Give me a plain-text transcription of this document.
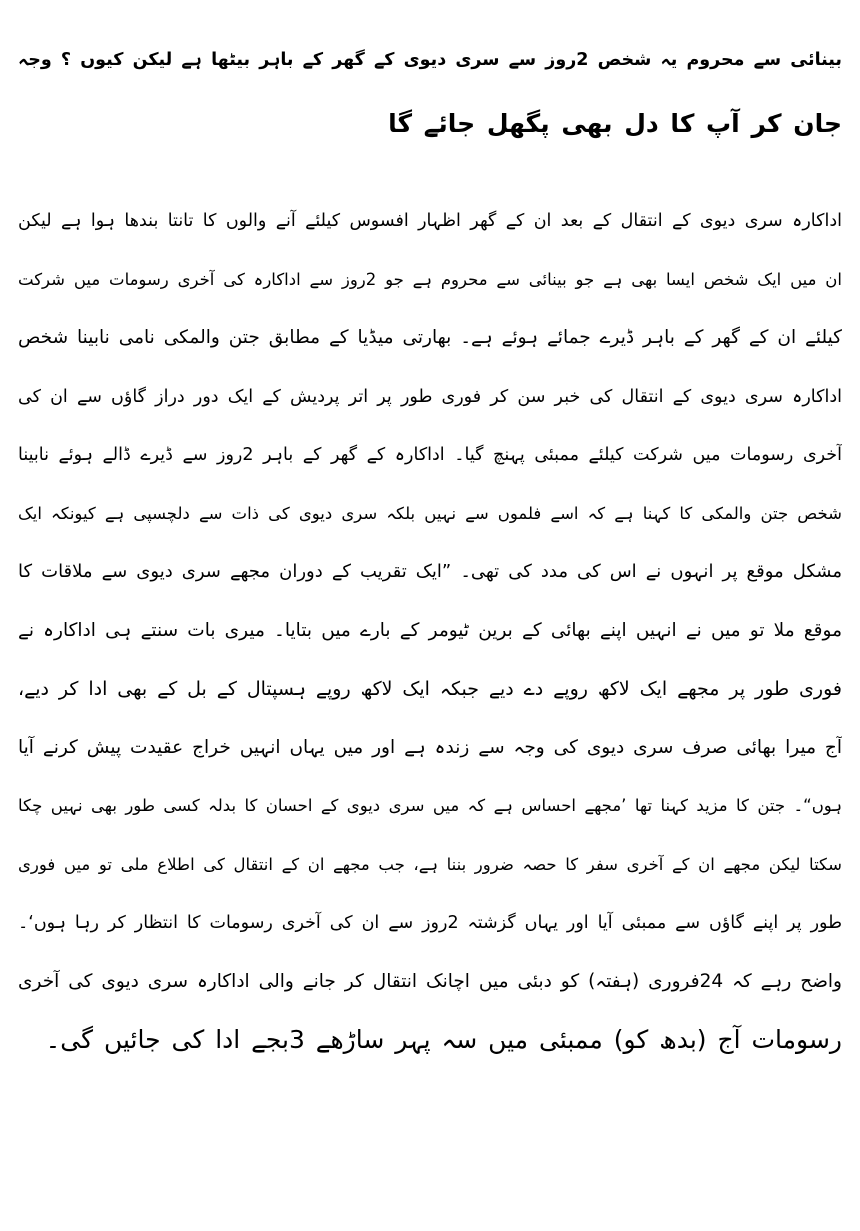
بینائی سے محروم یہ شخص 2روز سے سری دیوی کے گھر کے باہر بیٹھا ہے لیکن کیوں ؟ وجہ
جان کر آپ کا دل بھی پگھل جائے گا
اداکارہ سری دیوی کے انتقال کے بعد ان کے گھر اظہار افسوس کیلئے آنے والوں کا تانتا بندھا ہوا ہے لیکن
ان میں ایک شخص ایسا بھی ہے جو بینائی سے محروم ہے جو 2روز سے اداکارہ کی آخری رسومات میں شرکت
کیلئے ان کے گھر کے باہر ڈیرے جمائے ہوئے ہے۔ بھارتی میڈیا کے مطابق جتن والمکی نامی نابینا شخص
اداکارہ سری دیوی کے انتقال کی خبر سن کر فوری طور پر اتر پردیش کے ایک دور دراز گاؤں سے ان کی
آخری رسومات میں شرکت کیلئے ممبئی پہنچ گیا۔ اداکارہ کے گھر کے باہر 2روز سے ڈیرے ڈالے ہوئے نابینا
شخص جتن والمکی کا کہنا ہے کہ اسے فلموں سے نہیں بلکہ سری دیوی کی ذات سے دلچسپی ہے کیونکہ ایک
مشکل موقع پر انہوں نے اس کی مدد کی تھی۔ ”ایک تقریب کے دوران مجھے سری دیوی سے ملاقات کا
موقع ملا تو میں نے انہیں اپنے بھائی کے برین ٹیومر کے بارے میں بتایا۔ میری بات سنتے ہی اداکارہ نے
فوری طور پر مجھے ایک لاکھ روپے دے دیے جبکہ ایک لاکھ روپے ہسپتال کے بل کے بھی ادا کر دیے،
آج میرا بھائی صرف سری دیوی کی وجہ سے زندہ ہے اور میں یہاں انہیں خراج عقیدت پیش کرنے آیا
ہوں“۔ جتن کا مزید کہنا تھا ’مجھے احساس ہے کہ میں سری دیوی کے احسان کا بدلہ کسی طور بھی نہیں چکا
سکتا لیکن مجھے ان کے آخری سفر کا حصہ ضرور بننا ہے، جب مجھے ان کے انتقال کی اطلاع ملی تو میں فوری
طور پر اپنے گاؤں سے ممبئی آیا اور یہاں گزشتہ 2روز سے ان کی آخری رسومات کا انتظار کر رہا ہوں‘۔
واضح رہے کہ 24فروری (ہفتہ) کو دبئی میں اچانک انتقال کر جانے والی اداکارہ سری دیوی کی آخری
رسومات آج (بدھ کو) ممبئی میں سہ پہر ساڑھے 3بجے ادا کی جائیں گی۔
